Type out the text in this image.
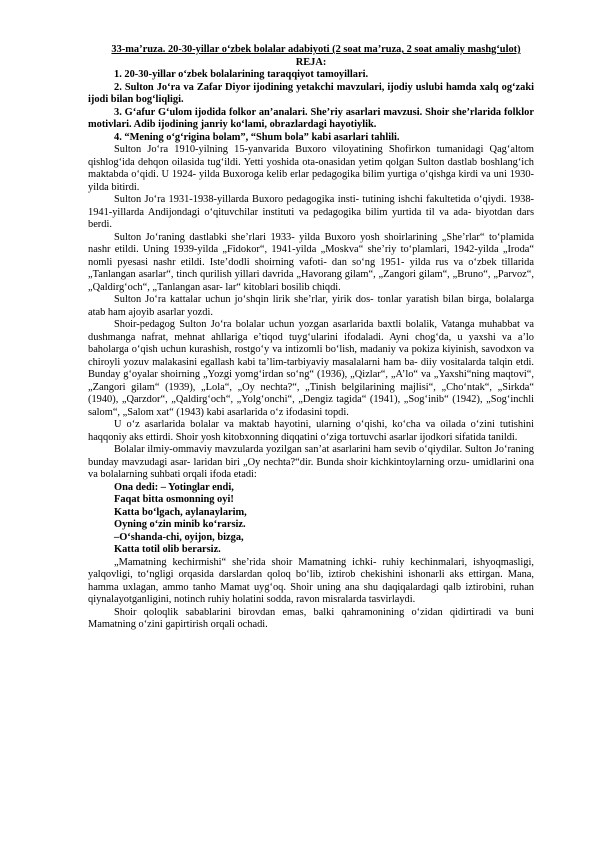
33-ma’ruza. 20-30-yillar o‘zbek bolalar adabiyoti (2 soat ma’ruza, 2 soat amaliy mashg‘ulot)

REJA:

1. 20-30-yillar o‘zbek bolalarining taraqqiyot tamoyillari.

2. Sulton Jo‘ra va Zafar Diyor ijodining yetakchi mavzulari, ijodiy uslubi hamda xalq og‘zaki ijodi bilan bog‘liqligi.

3. G‘afur G‘ulom ijodida folkor an’analari. She’riy asarlari mavzusi. Shoir she’rlarida folklor motivlari. Adib ijodining janriy ko‘lami, obrazlardagi hayotiylik.

4. “Mening o‘g‘rigina bolam”, “Shum bola” kabi asarlari tahlili.

Sulton Jo‘ra 1910-yilning 15-yanvarida Buxoro viloyatining Shofirkon tumanidagi Qag‘altom qishlog‘ida dehqon oilasida tug‘ildi. Yetti yoshida ota-onasidan yetim qolgan Sulton dastlab boshlang‘ich maktabda o‘qidi. U 1924- yilda Buxoroga kelib erlar pedagogika bilim yurtiga o‘qishga kirdi va uni 1930-yilda bitirdi.

Sulton Jo‘ra 1931-1938-yillarda Buxoro pedagogika insti- tutining ishchi fakultetida o‘qiydi. 1938-1941-yillarda Andijondagi o‘qituvchilar instituti va pedagogika bilim yurtida til va ada- biyotdan dars berdi.

Sulton Jo‘raning dastlabki she’rlari 1933- yilda Buxoro yosh shoirlarining „She’rlar“ to‘plamida nashr etildi. Uning 1939-yilda „Fidokor“, 1941-yilda „Moskva“ she’riy to‘plamlari, 1942-yilda „Iroda“ nomli pyesasi nashr etildi. Iste’dodli shoirning vafoti- dan so‘ng 1951- yilda rus va o‘zbek tillarida „Tanlangan asarlar“, tinch qurilish yillari davrida „Havorang gilam“, „Zangori gilam“, „Bruno“, „Parvoz“, „Qaldirg‘och“, „Tanlangan asar- lar“ kitoblari bosilib chiqdi.

Sulton Jo‘ra kattalar uchun jo‘shqin lirik she’rlar, yirik dos- tonlar yaratish bilan birga, bolalarga atab ham ajoyib asarlar yozdi.

Shoir-pedagog Sulton Jo‘ra bolalar uchun yozgan asarlarida baxtli bolalik, Vatanga muhabbat va dushmanga nafrat, mehnat ahllariga e’tiqod tuyg‘ularini ifodaladi. Ayni chog‘da, u yaxshi va a’lo baholarga o‘qish uchun kurashish, rostgo‘y va intizomli bo‘lish, madaniy va pokiza kiyinish, savodxon va chiroyli yozuv malakasini egallash kabi ta’lim-tarbiyaviy masalalarni ham ba- diiy vositalarda talqin etdi. Bunday g‘oyalar shoirning „Yozgi yomg‘irdan so‘ng“ (1936), „Qizlar“, „A’lo“ va „Yaxshi“ning maqtovi“, „Zangori gilam“ (1939), „Lola“, „Oy nechta?“, „Tinish belgilarining majlisi“, „Cho‘ntak“, „Sirkda“ (1940), „Qarzdor“, „Qaldirg‘och“, „Yolg‘onchi“, „Dengiz tagida“ (1941), „Sog‘inib“ (1942), „Sog‘inchli salom“, „Salom xat“ (1943) kabi asarlarida o‘z ifodasini topdi.

U o‘z asarlarida bolalar va maktab hayotini, ularning o‘qishi, ko‘cha va oilada o‘zini tutishini haqqoniy aks ettirdi. Shoir yosh kitobxonning diqqatini o‘ziga tortuvchi asarlar ijodkori sifatida tanildi.

Bolalar ilmiy-ommaviy mavzularda yozilgan san’at asarlarini ham sevib o‘qiydilar. Sulton Jo‘raning bunday mavzudagi asar- laridan biri „Oy nechta?“dir. Bunda shoir kichkintoylarning orzu- umidlarini ona va bolalarning suhbati orqali ifoda etadi:

Ona dedi: – Yotinglar endi,

Faqat bitta osmonning oyi!

Katta bo‘lgach, aylanaylarim,

Oyning o‘zin minib ko‘rarsiz.

–O‘shanda-chi, oyijon, bizga,

Katta totil olib berarsiz.

„Mamatning kechirmishi“ she’rida shoir Mamatning ichki- ruhiy kechinmalari, ishyoqmasligi, yalqovligi, to‘ngligi orqasida darslardan qoloq bo‘lib, iztirob chekishini ishonarli aks ettirgan. Mana, hamma uxlagan, ammo tanho Mamat uyg‘oq. Shoir uning ana shu daqiqalardagi qalb iztirobini, ruhan qiynalayotganligini, notinch ruhiy holatini sodda, ravon misralarda tasvirlaydi.

Shoir qoloqlik sabablarini birovdan emas, balki qahramonining o‘zidan qidirtiradi va buni Mamatning o‘zini gapirtirish orqali ochadi.
